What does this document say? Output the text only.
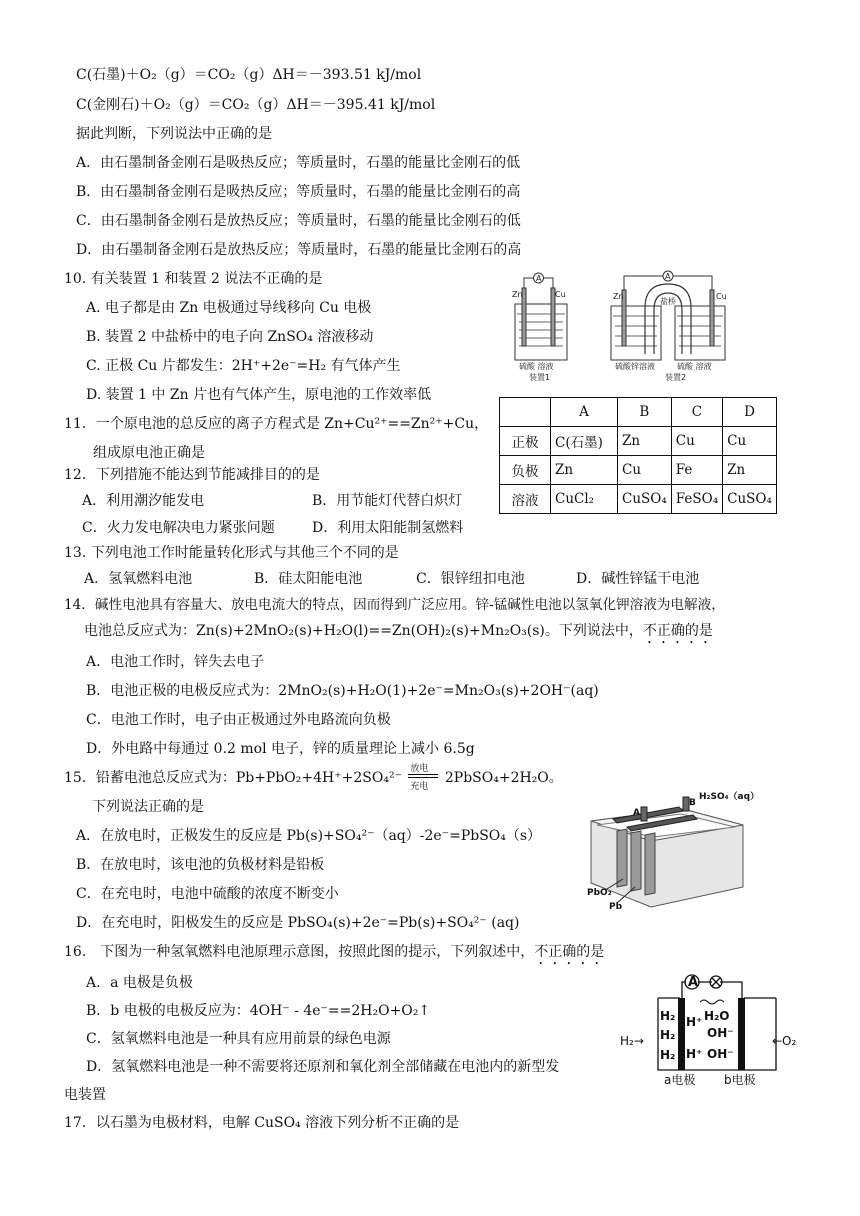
C(石墨)＋O₂（g）＝CO₂（g）ΔH＝－393.51 kJ/mol
C(金刚石)＋O₂（g）＝CO₂（g）ΔH＝－395.41 kJ/mol
据此判断，下列说法中正确的是
A．由石墨制备金刚石是吸热反应；等质量时，石墨的能量比金刚石的低
B．由石墨制备金刚石是吸热反应；等质量时，石墨的能量比金刚石的高
C．由石墨制备金刚石是放热反应；等质量时，石墨的能量比金刚石的低
D．由石墨制备金刚石是放热反应；等质量时，石墨的能量比金刚石的高
10. 有关装置 1 和装置 2 说法不正确的是
A. 电子都是由 Zn 电极通过导线移向 Cu 电极
B. 装置 2 中盐桥中的电子向 ZnSO₄ 溶液移动
C. 正极 Cu 片都发生：2H⁺+2e⁻=H₂ 有气体产生
D. 装置 1 中 Zn 片也有气体产生，原电池的工作效率低
A
Zn	Cu
硫酸 溶液
装置1
A
Zn	Cu
盐桥
硫酸锌溶液	硫酸 溶液
装置2
11．一个原电池的总反应的离子方程式是 Zn+Cu²⁺==Zn²⁺+Cu，
组成原电池正确是
	A	B	C	D
正极	C(石墨)	Zn	Cu	Cu
负极	Zn	Cu	Fe	Zn
溶液	CuCl₂	CuSO₄	FeSO₄	CuSO₄
12．下列措施不能达到节能减排目的的是
A．利用潮汐能发电	B．用节能灯代替白炽灯
C．火力发电解决电力紧张问题	D．利用太阳能制氢燃料
13. 下列电池工作时能量转化形式与其他三个不同的是
A．氢氧燃料电池	B．硅太阳能电池	C．银锌纽扣电池	D．碱性锌锰干电池
14．碱性电池具有容量大、放电电流大的特点，因而得到广泛应用。锌-锰碱性电池以氢氧化钾溶液为电解液，
电池总反应式为：Zn(s)+2MnO₂(s)+H₂O(l)==Zn(OH)₂(s)+Mn₂O₃(s)。下列说法中，不正确的是
A．电池工作时，锌失去电子
B．电池正极的电极反应式为：2MnO₂(s)+H₂O(1)+2e⁻=Mn₂O₃(s)+2OH⁻(aq)
C．电池工作时，电子由正极通过外电路流向负极
D．外电路中每通过 0.2 mol 电子，锌的质量理论上减小 6.5g
15．铅蓄电池总反应式为：Pb+PbO₂+4H⁺+2SO₄²⁻
放电
充电
2PbSO₄+2H₂O。
下列说法正确的是
A．在放电时，正极发生的反应是 Pb(s)+SO₄²⁻（aq）-2e⁻=PbSO₄（s）
B．在放电时，该电池的负极材料是铅板
C．在充电时，电池中硫酸的浓度不断变小
D．在充电时，阳极发生的反应是 PbSO₄(s)+2e⁻=Pb(s)+SO₄²⁻ (aq)
B
A
H₂SO₄（aq）
PbO₂
Pb
16.　下图为一种氢氧燃料电池原理示意图，按照此图的提示，下列叙述中，不正确的是
A．a 电极是负极
B．b 电极的电极反应为：4OH⁻ - 4e⁻==2H₂O+O₂↑
C．氢氧燃料电池是一种具有应用前景的绿色电源
D．氢氧燃料电池是一种不需要将还原剂和氧化剂全部储藏在电池内的新型发
电装置
A
H₂
H₂
H₂
H⁺
H⁺
H₂O
OH⁻
OH⁻
H₂→	←O₂
a电极 b电极
17．以石墨为电极材料，电解 CuSO₄ 溶液下列分析不正确的是
